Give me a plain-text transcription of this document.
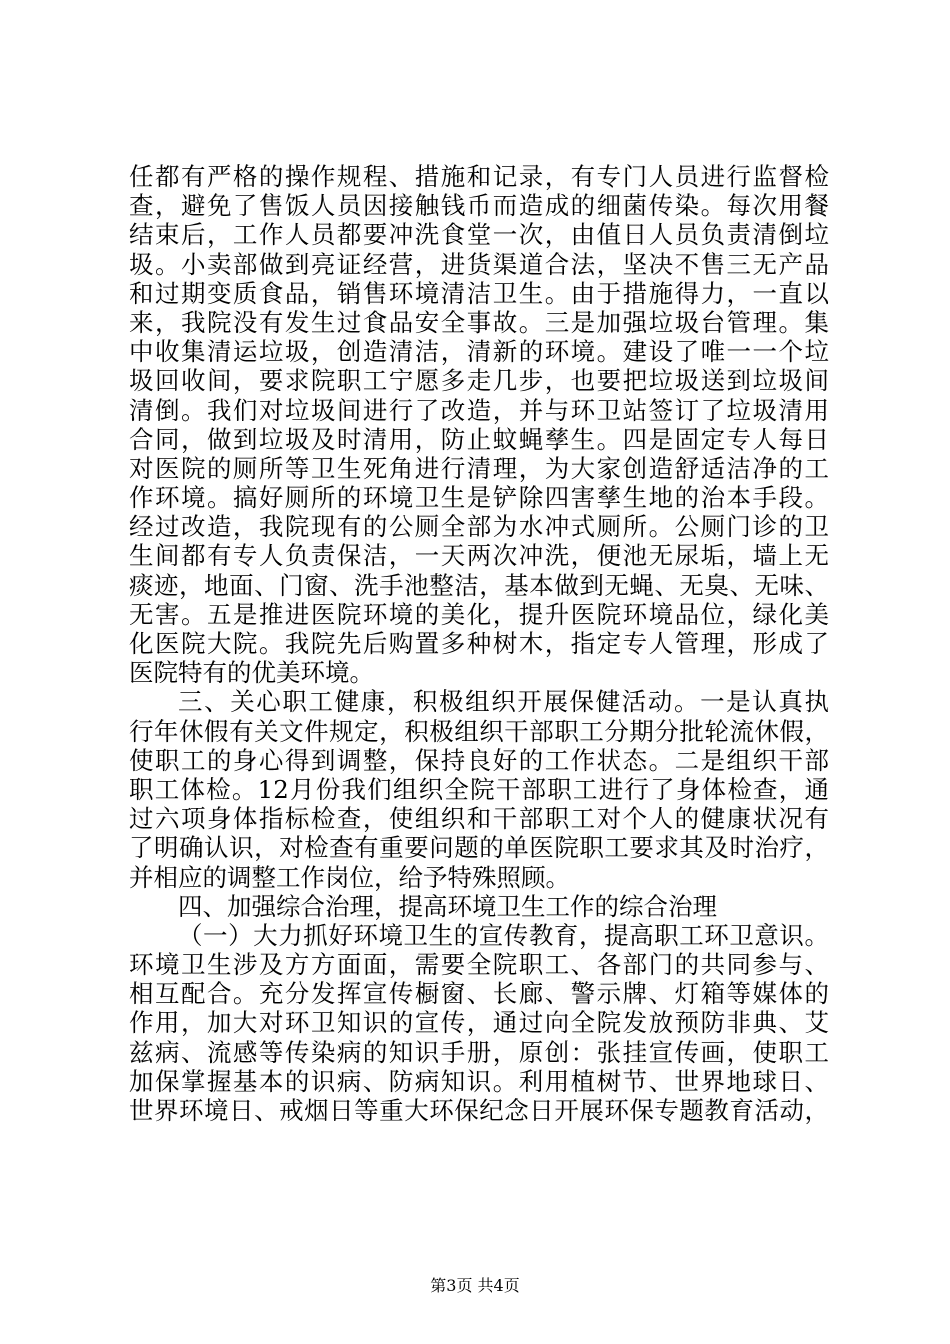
任都有严格的操作规程、措施和记录，有专门人员进行监督检
查，避免了售饭人员因接触钱币而造成的细菌传染。每次用餐
结束后，工作人员都要冲洗食堂一次，由值日人员负责清倒垃
圾。小卖部做到亮证经营，进货渠道合法，坚决不售三无产品
和过期变质食品，销售环境清洁卫生。由于措施得力，一直以
来，我院没有发生过食品安全事故。三是加强垃圾台管理。集
中收集清运垃圾，创造清洁，清新的环境。建设了唯一一个垃
圾回收间，要求院职工宁愿多走几步，也要把垃圾送到垃圾间
清倒。我们对垃圾间进行了改造，并与环卫站签订了垃圾清用
合同，做到垃圾及时清用，防止蚊蝇孳生。四是固定专人每日
对医院的厕所等卫生死角进行清理，为大家创造舒适洁净的工
作环境。搞好厕所的环境卫生是铲除四害孳生地的治本手段。
经过改造，我院现有的公厕全部为水冲式厕所。公厕门诊的卫
生间都有专人负责保洁，一天两次冲洗，便池无尿垢，墙上无
痰迹，地面、门窗、洗手池整洁，基本做到无蝇、无臭、无味、
无害。五是推进医院环境的美化，提升医院环境品位，绿化美
化医院大院。我院先后购置多种树木，指定专人管理，形成了
医院特有的优美环境。
三、关心职工健康，积极组织开展保健活动。一是认真执
行年休假有关文件规定，积极组织干部职工分期分批轮流休假，
使职工的身心得到调整，保持良好的工作状态。二是组织干部
职工体检。12月份我们组织全院干部职工进行了身体检查，通
过六项身体指标检查，使组织和干部职工对个人的健康状况有
了明确认识，对检查有重要问题的单医院职工要求其及时治疗，
并相应的调整工作岗位，给予特殊照顾。
四、加强综合治理，提高环境卫生工作的综合治理
（一）大力抓好环境卫生的宣传教育，提高职工环卫意识。
环境卫生涉及方方面面，需要全院职工、各部门的共同参与、
相互配合。充分发挥宣传橱窗、长廊、警示牌、灯箱等媒体的
作用，加大对环卫知识的宣传，通过向全院发放预防非典、艾
兹病、流感等传染病的知识手册，原创：张挂宣传画，使职工
加保掌握基本的识病、防病知识。利用植树节、世界地球日、
世界环境日、戒烟日等重大环保纪念日开展环保专题教育活动，
第3页 共4页
